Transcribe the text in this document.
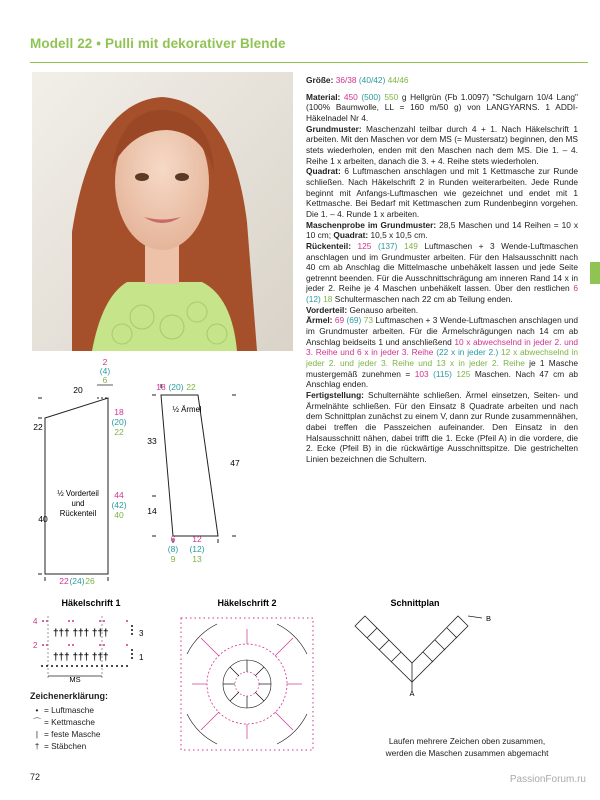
Modell 22 • Pulli mit dekorativer Blende

Größe: 36/38 (40/42) 44/46

Material: 450 (500) 550 g Hellgrün (Fb 1.0097) "Schulgarn 10/4 Lang" (100% Baumwolle, LL = 160 m/50 g) von LANGYARNS. 1 ADDI-Häkelnadel Nr 4.

Grundmuster: Maschenzahl teilbar durch 4 + 1. Nach Häkelschrift 1 arbeiten. Mit den Maschen vor dem MS (= Mustersatz) beginnen, den MS stets wiederholen, enden mit den Maschen nach dem MS. Die 1. – 4. Reihe 1 x arbeiten, danach die 3. + 4. Reihe stets wiederholen.

Quadrat: 6 Luftmaschen anschlagen und mit 1 Kettmasche zur Runde schließen. Nach Häkelschrift 2 in Runden weiterarbeiten. Jede Runde beginnt mit Anfangs-Luftmaschen wie gezeichnet und endet mit 1 Kettmasche. Bei Bedarf mit Kettmaschen zum Rundenbeginn vorgehen. Die 1. – 4. Runde 1 x arbeiten.

Maschenprobe im Grundmuster: 28,5 Maschen und 14 Reihen = 10 x 10 cm; Quadrat: 10,5 x 10,5 cm.

Rückenteil: 125 (137) 149 Luftmaschen + 3 Wende-Luftmaschen anschlagen und im Grundmuster arbeiten. Für den Halsausschnitt nach 40 cm ab Anschlag die Mittelmasche unbehäkelt lassen und jede Seite getrennt beenden. Für die Ausschnittschrägung am inneren Rand 14 x in jeder 2. Reihe je 4 Maschen unbehäkelt lassen. Über den restlichen 6 (12) 18 Schultermaschen nach 22 cm ab Teilung enden.

Vorderteil: Genauso arbeiten.

Ärmel: 69 (69) 73 Luftmaschen + 3 Wende-Luftmaschen anschlagen und im Grundmuster arbeiten. Für die Ärmelschrägungen nach 14 cm ab Anschlag beidseits 1 und anschließend 10 x abwechselnd in jeder 2. und 3. Reihe und 6 x in jeder 3. Reihe (22 x in jeder 2.) 12 x abwechselnd in jeder 2. und jeder 3. Reihe und 13 x in jeder 2. Reihe je 1 Masche mustergemäß zunehmen = 103 (115) 125 Maschen. Nach 47 cm ab Anschlag enden.

Fertigstellung: Schulternähte schließen. Ärmel einsetzen, Seiten- und Ärmelnähte schließen. Für den Einsatz 8 Quadrate arbeiten und nach dem Schnittplan zunächst zu einem V, dann zur Runde zusammennähen, dabei treffen die Passzeichen aufeinander. Den Einsatz in den Halsausschnitt nähen, dabei trifft die 1. Ecke (Pfeil A) in die vordere, die 2. Ecke (Pfeil B) in die rückwärtige Ausschnittspitze. Die gestrichelten Linien bezeichnen die Schultern.

2
(4)
6
20
22
40
18
(20)
22
44
(42)
40
½ Vorderteil
und
Rückenteil
22 (24) 26
18 (20) 22
½ Ärmel
33
14
47
6
(8)
9
12
(12)
13
Häkelschrift 1
4
2
3
1
††† ††† †††
††† ††† †††
MS
Häkelschrift 2	Schnittplan
A
B
Zeichenerklärung:
• = Luftmasche
⌒ = Kettmasche
| = feste Masche
† = Stäbchen	Laufen mehrere Zeichen oben zusammen,
werden die Maschen zusammen abgemacht
72	PassionForum.ru
